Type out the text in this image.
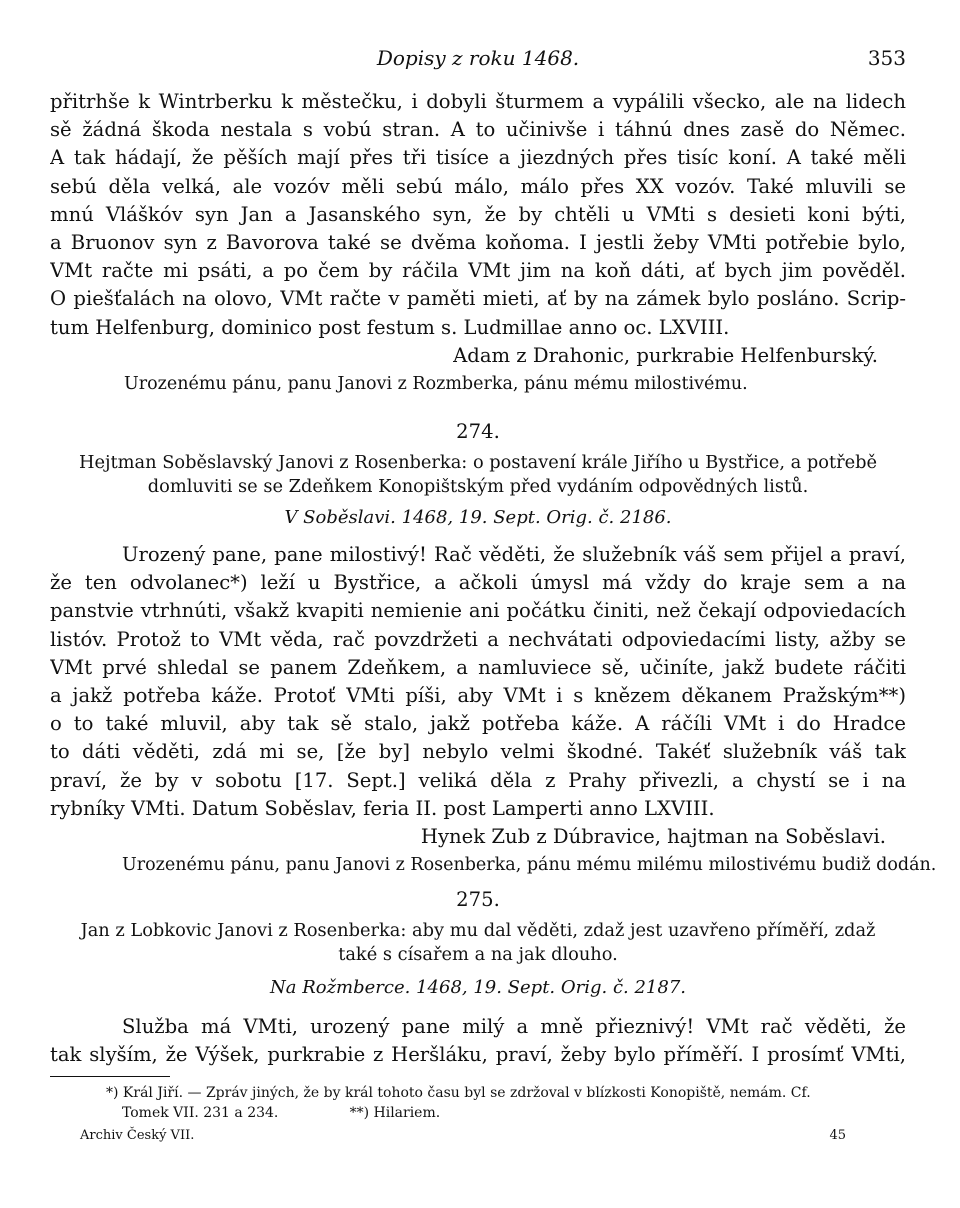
Dopisy z roku 1468.	353
přitrhše k Wintrberku k městečku, i dobyli šturmem a vypálili všecko, ale na lidech
sě žádná škoda nestala s vobú stran. A to učinivše i táhnú dnes zasě do Němec.
A tak hádají, že pěších mají přes tři tisíce a jiezdných přes tisíc koní. A také měli
sebú děla velká, ale vozóv měli sebú málo, málo přes XX vozóv. Také mluvili se
mnú Vláškóv syn Jan a Jasanského syn, že by chtěli u VMti s desieti koni býti,
a Bruonov syn z Bavorova také se dvěma koňoma. I jestli žeby VMti potřebie bylo,
VMt račte mi psáti, a po čem by ráčila VMt jim na koň dáti, ať bych jim pověděl.
O piešťalách na olovo, VMt račte v paměti mieti, ať by na zámek bylo posláno. Scrip-
tum Helfenburg, dominico post festum s. Ludmillae anno oc. LXVIII.
Adam z Drahonic, purkrabie Helfenburský.
Urozenému pánu, panu Janovi z Rozmberka, pánu mému milostivému.
274.
Hejtman Soběslavský Janovi z Rosenberka: o postavení krále Jiřího u Bystřice, a potřebě
domluviti se se Zdeňkem Konopištským před vydáním odpovědných listů.
V Soběslavi. 1468, 19. Sept. Orig. č. 2186.
Urozený pane, pane milostivý! Rač věděti, že služebník váš sem přijel a praví,
že ten odvolanec*) leží u Bystřice, a ačkoli úmysl má vždy do kraje sem a na
panstvie vtrhnúti, všakž kvapiti nemienie ani počátku činiti, než čekají odpoviedacích
listóv. Protož to VMt věda, rač povzdržeti a nechvátati odpoviedacími listy, ažby se
VMt prvé shledal se panem Zdeňkem, a namluviece sě, učiníte, jakž budete ráčiti
a jakž potřeba káže. Protoť VMti píši, aby VMt i s knězem děkanem Pražským**)
o to také mluvil, aby tak sě stalo, jakž potřeba káže. A ráčíli VMt i do Hradce
to dáti věděti, zdá mi se, [že by] nebylo velmi škodné. Takéť služebník váš tak
praví, že by v sobotu [17. Sept.] veliká děla z Prahy přivezli, a chystí se i na
rybníky VMti. Datum Soběslav, feria II. post Lamperti anno LXVIII.
Hynek Zub z Dúbravice, hajtman na Soběslavi.
Urozenému pánu, panu Janovi z Rosenberka, pánu mému milému milostivému budiž dodán.
275.
Jan z Lobkovic Janovi z Rosenberka: aby mu dal věděti, zdaž jest uzavřeno příměří, zdaž
také s císařem a na jak dlouho.
Na Rožmberce. 1468, 19. Sept. Orig. č. 2187.
Služba má VMti, urozený pane milý a mně přieznivý! VMt rač věděti, že
tak slyším, že Výšek, purkrabie z Heršláku, praví, žeby bylo příměří. I prosímť VMti,
*) Král Jiří. — Zpráv jiných, že by král tohoto času byl se zdržoval v blízkosti Konopiště, nemám. Cf.
Tomek VII. 231 a 234.                **) Hilariem.
Archiv Český VII.	45
